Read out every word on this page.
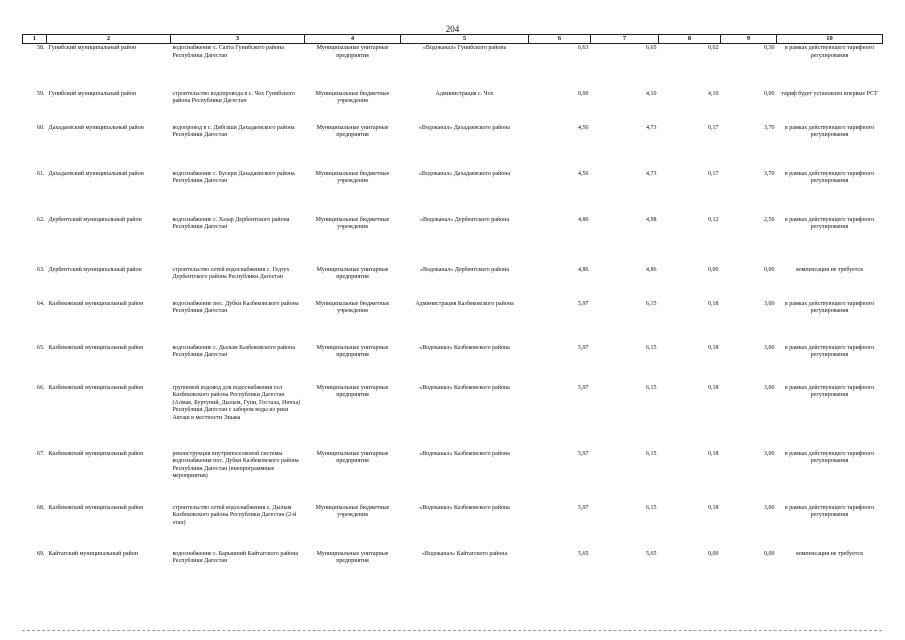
204
1	2	3	4	5	6	7	8	9	10
58.	Гунибский муниципальный район	водоснабжение с. Салта Гунибского района Республики Дагестан	Муниципальные унитарные предприятия	«Водоканал» Гунибского района	6,63	6,65	0,02	0,30	в рамках действующего тарифного регулирования
59.	Гунибский муниципальный район	строительство водопровода в с. Чох Гунибского района Республики Дагестан	Муниципальные бюджетные учреждения	Администрация с. Чох	0,00	4,10	4,10	0,00	тариф будет установлен впервые РСТ
60.	Дахадаевский муниципальный район	водопровод в с. Дибгаши Дахадаевского района Республики Дагестан	Муниципальные унитарные предприятия	«Водоканал» Дахадаевского района	4,56	4,73	0,17	3,70	в рамках действующего тарифного регулирования
61.	Дахадаевский муниципальный район	водоснабжение с. Бускри Дахадаевского района Республики Дагестан	Муниципальные бюджетные учреждения	«Водоканал» Дахадаевского района	4,56	4,73	0,17	3,70	в рамках действующего тарифного регулирования
62.	Дербентский муниципальный район	водоснабжение с. Хазар Дербентского района Республики Дагестан	Муниципальные бюджетные учреждения	«Водоканал» Дербентского района	4,86	4,98	0,12	2,50	в рамках действующего тарифного регулирования
63.	Дербентский муниципальный район	строительство сетей водоснабжения с. Гедзух Дербентского района Республики Дагестан	Муниципальные унитарные предприятия	«Водоканал» Дербентского района	4,86	4,86	0,00	0,00	компенсация не требуется
64.	Казбековский муниципальный район	водоснабжение пос. Дубки Казбековского района Республики Дагестан	Муниципальные бюджетные учреждения	Администрация Казбековского района	5,97	6,15	0,18	3,00	в рамках действующего тарифного регулирования
65.	Казбековский муниципальный район	водоснабжение с. Дылым Казбековского района Республики Дагестан	Муниципальные унитарные предприятия	«Водоканал» Казбековского района	5,97	6,15	0,18	3,00	в рамках действующего тарифного регулирования
66.	Казбековский муниципальный район	групповой водовод для водоснабжения сел Казбековского района Республики Дагестан (Алмак, Буртуний, Дылым, Гуни, Гостала, Инчха) Республики Дагестан с забором воды из реки Акташ в местности Эшака	Муниципальные унитарные предприятия	«Водоканал» Казбековского района	5,97	6,15	0,18	3,00	в рамках действующего тарифного регулирования
67.	Казбековский муниципальный район	реконструкция внутрипоселковой системы водоснабжения пос. Дубки Казбековского района Республики Дагестан (внепрограммные мероприятия)	Муниципальные унитарные предприятия	«Водоканал» Казбековского района	5,97	6,15	0,18	3,00	в рамках действующего тарифного регулирования
68.	Казбековский муниципальный район	строительство сетей водоснабжения с. Дылым Казбековского района Республики Дагестан (2-й этап)	Муниципальные бюджетные учреждения	«Водоканал» Казбековского района	5,97	6,15	0,18	3,00	в рамках действующего тарифного регулирования
69.	Кайтагский муниципальный район	водоснабжение с. Барышний Кайтагского района Республики Дагестан	Муниципальные унитарные предприятия	«Водоканал» Кайтагского района	5,65	5,65	0,00	0,00	компенсация не требуется
